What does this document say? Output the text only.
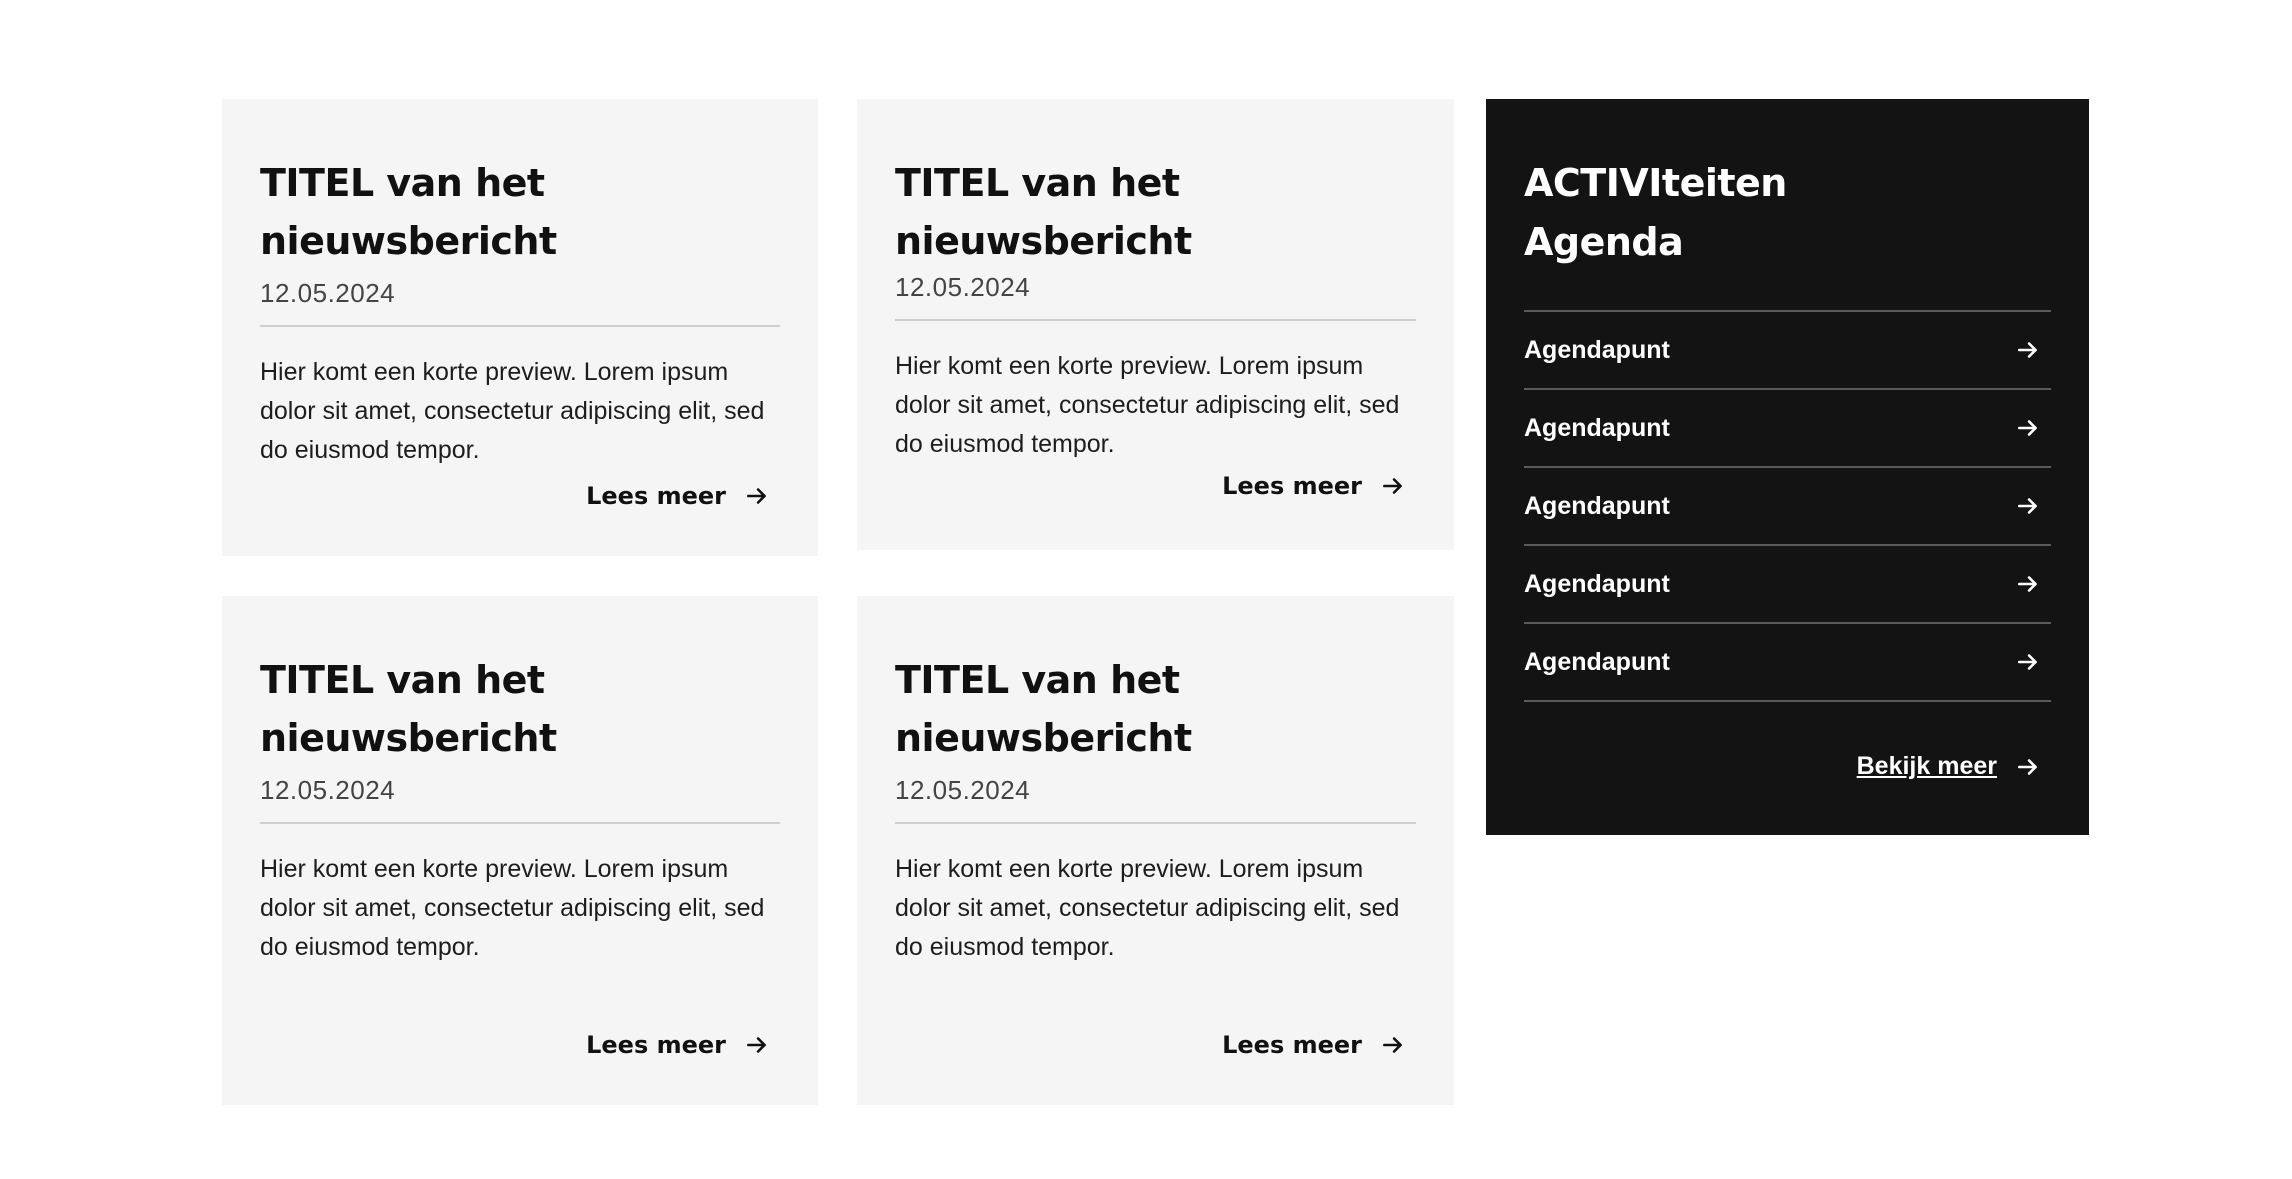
TITEL van het nieuwsbericht
12.05.2024

Hier komt een korte preview. Lorem ipsum dolor sit amet, consectetur adipiscing elit, sed do eiusmod tempor.

Lees meer
TITEL van het nieuwsbericht
12.05.2024

Hier komt een korte preview. Lorem ipsum dolor sit amet, consectetur adipiscing elit, sed do eiusmod tempor.

Lees meer
TITEL van het nieuwsbericht
12.05.2024

Hier komt een korte preview. Lorem ipsum dolor sit amet, consectetur adipiscing elit, sed do eiusmod tempor.

Lees meer
TITEL van het nieuwsbericht
12.05.2024

Hier komt een korte preview. Lorem ipsum dolor sit amet, consectetur adipiscing elit, sed do eiusmod tempor.

Lees meer
ACTIVIteiten
Agenda
Agendapunt
Agendapunt
Agendapunt
Agendapunt
Agendapunt
Bekijk meer
